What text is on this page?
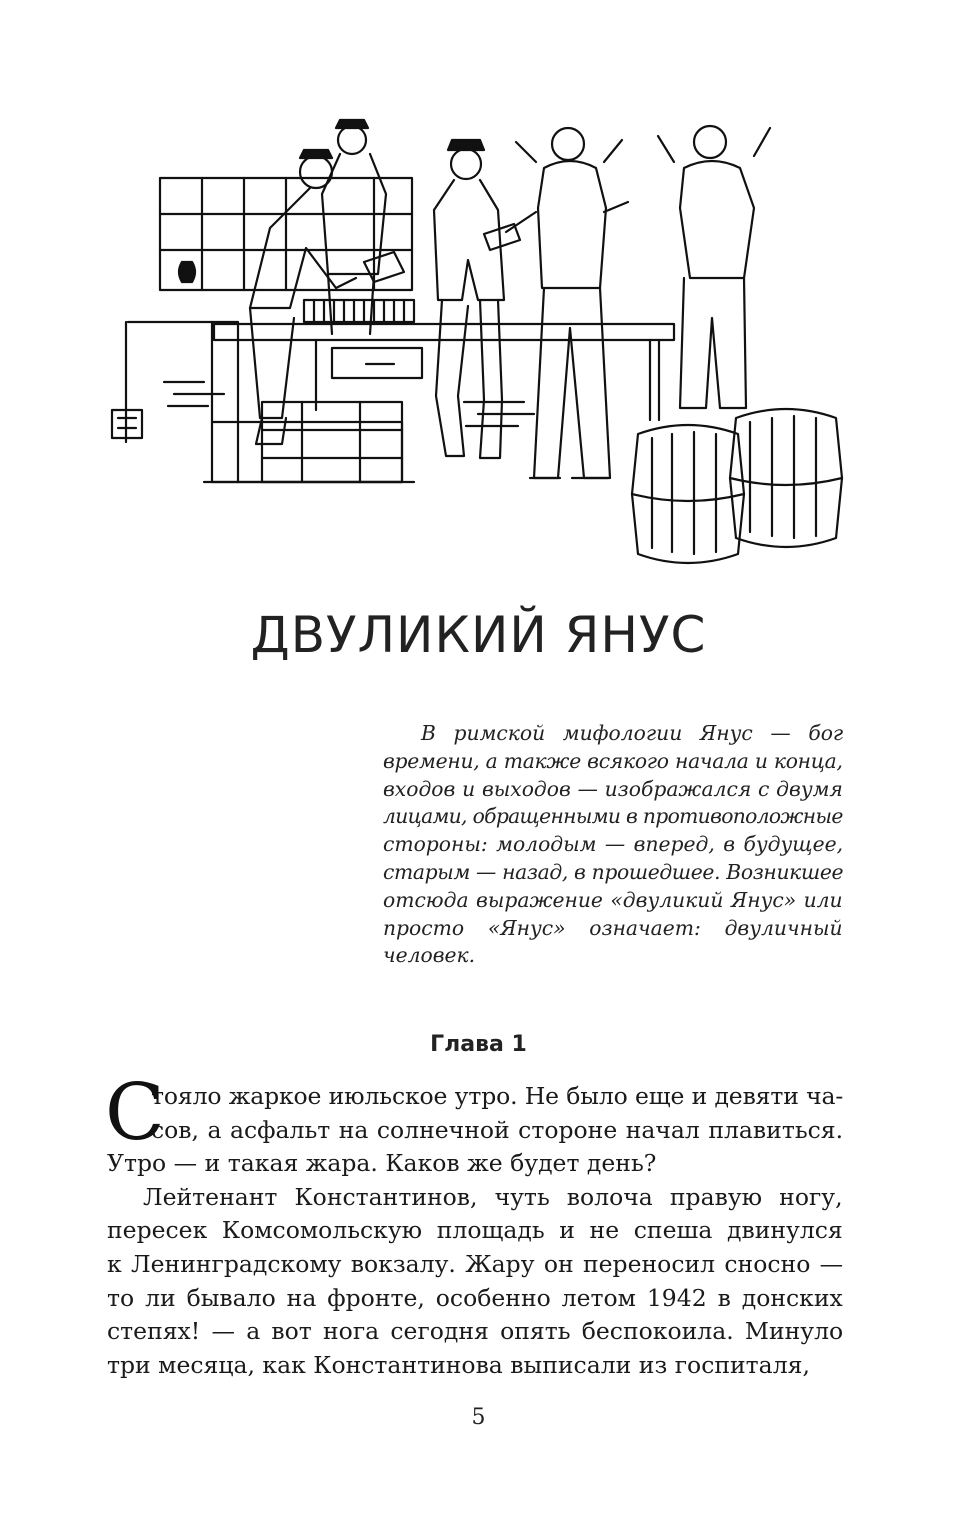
ДВУЛИКИЙ ЯНУС
В римской мифологии Янус — бог
времени, а также всякого начала и конца,
входов и выходов — изображался с двумя
лицами, обращенными в противоположные
стороны: молодым — вперед, в будущее,
старым — назад, в прошедшее. Возникшее
отсюда выражение «двуликий Янус» или
просто «Янус» означает: двуличный
человек.
Глава 1
С
тояло жаркое июльское утро. Не было еще и девяти ча-
сов, а асфальт на солнечной стороне начал плавиться.
Утро — и такая жара. Каков же будет день?
Лейтенант Константинов, чуть волоча правую ногу,
пересек Комсомольскую площадь и не спеша двинулся
к Ленинградскому вокзалу. Жару он переносил сносно —
то ли бывало на фронте, особенно летом 1942 в донских
степях! — а вот нога сегодня опять беспокоила. Минуло
три месяца, как Константинова выписали из госпиталя,
5
